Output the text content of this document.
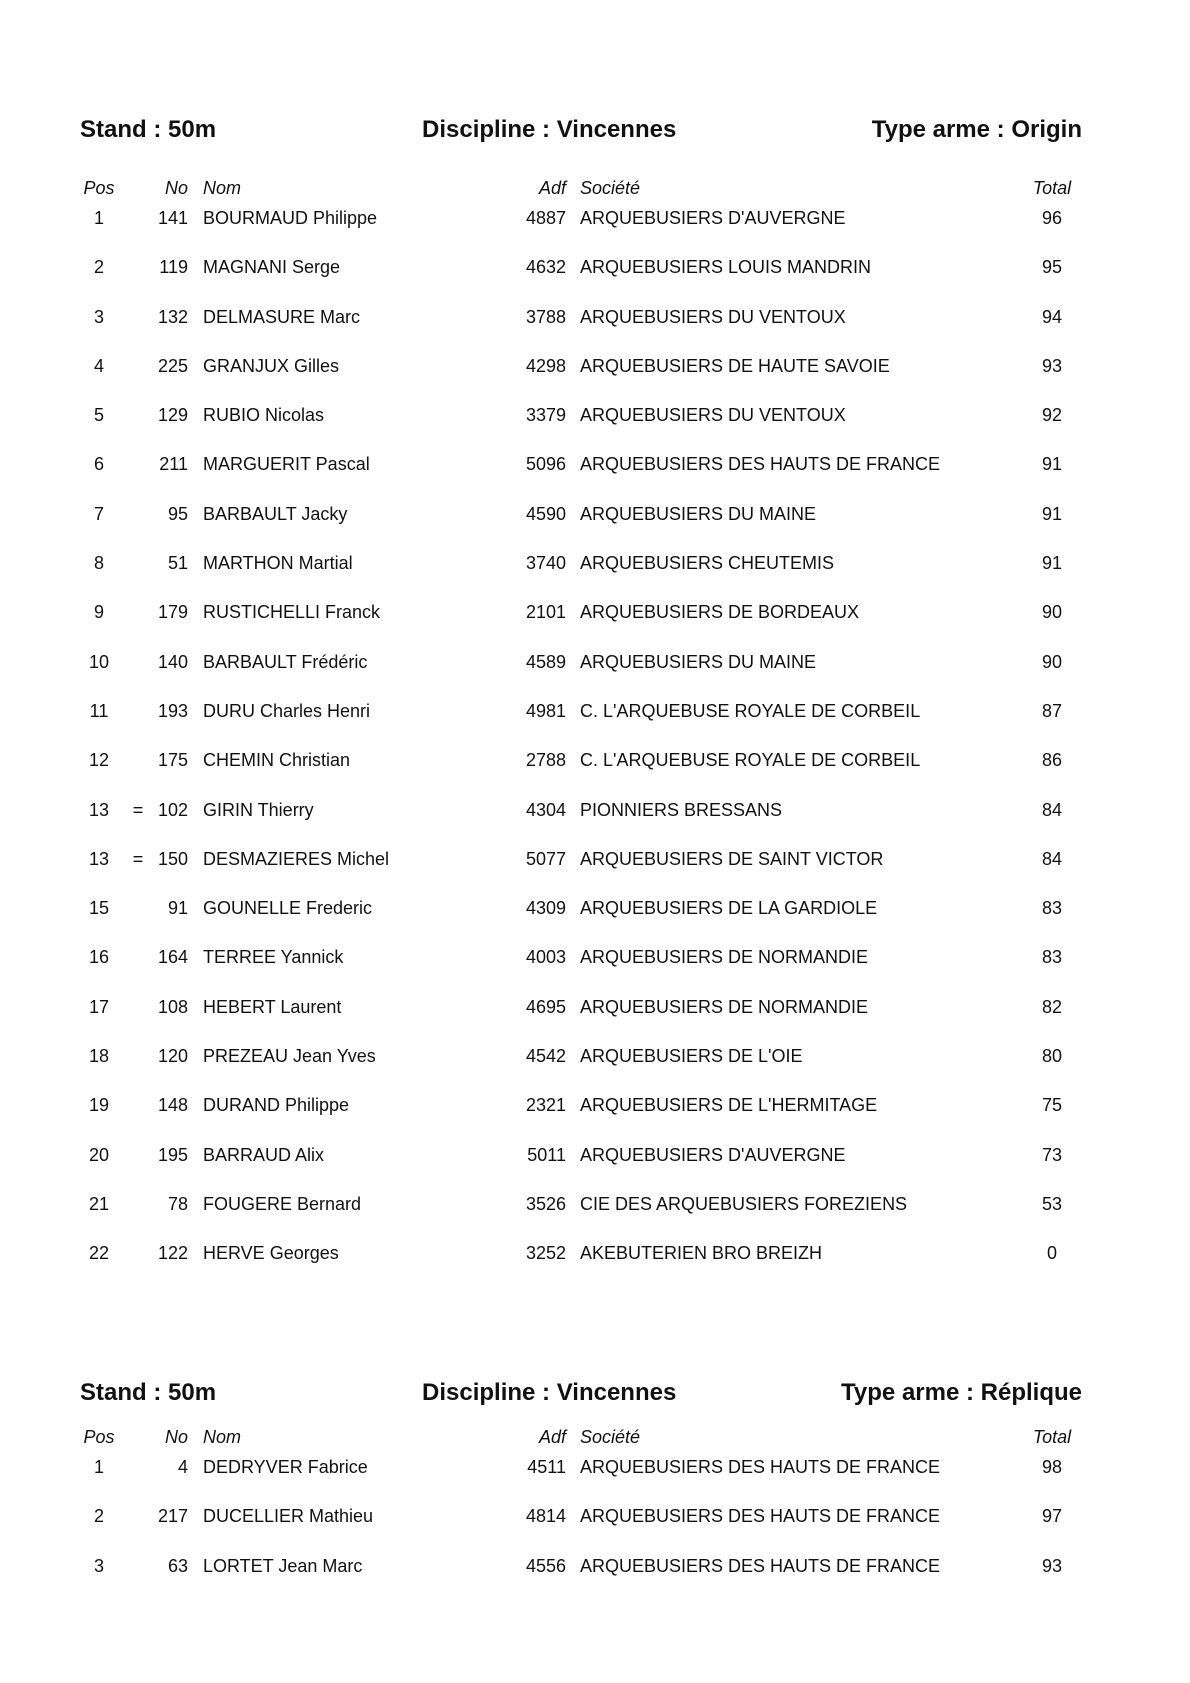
Stand : 50m	Discipline : Vincennes	Type arme : Origin
Pos	No Nom	Adf Société	Total
1	141 BOURMAUD Philippe	4887 ARQUEBUSIERS D'AUVERGNE	96
2	119 MAGNANI Serge	4632 ARQUEBUSIERS LOUIS MANDRIN	95
3	132 DELMASURE Marc	3788 ARQUEBUSIERS DU VENTOUX	94
4	225 GRANJUX Gilles	4298 ARQUEBUSIERS DE HAUTE SAVOIE	93
5	129 RUBIO Nicolas	3379 ARQUEBUSIERS DU VENTOUX	92
6	211 MARGUERIT Pascal	5096 ARQUEBUSIERS DES HAUTS DE FRANCE	91
7	95 BARBAULT Jacky	4590 ARQUEBUSIERS DU MAINE	91
8	51 MARTHON Martial	3740 ARQUEBUSIERS CHEUTEMIS	91
9	179 RUSTICHELLI Franck	2101 ARQUEBUSIERS DE BORDEAUX	90
10	140 BARBAULT Frédéric	4589 ARQUEBUSIERS DU MAINE	90
11	193 DURU Charles Henri	4981 C. L'ARQUEBUSE ROYALE DE CORBEIL	87
12	175 CHEMIN Christian	2788 C. L'ARQUEBUSE ROYALE DE CORBEIL	86
13	= 102 GIRIN Thierry	4304 PIONNIERS BRESSANS	84
13	= 150 DESMAZIERES Michel	5077 ARQUEBUSIERS DE SAINT VICTOR	84
15	91 GOUNELLE Frederic	4309 ARQUEBUSIERS DE LA GARDIOLE	83
16	164 TERREE Yannick	4003 ARQUEBUSIERS DE NORMANDIE	83
17	108 HEBERT Laurent	4695 ARQUEBUSIERS DE NORMANDIE	82
18	120 PREZEAU Jean Yves	4542 ARQUEBUSIERS DE L'OIE	80
19	148 DURAND Philippe	2321 ARQUEBUSIERS DE L'HERMITAGE	75
20	195 BARRAUD Alix	5011 ARQUEBUSIERS D'AUVERGNE	73
21	78 FOUGERE Bernard	3526 CIE DES ARQUEBUSIERS FOREZIENS	53
22	122 HERVE Georges	3252 AKEBUTERIEN BRO BREIZH	0
Stand : 50m	Discipline : Vincennes	Type arme : Réplique
Pos	No Nom	Adf Société	Total
1	4 DEDRYVER Fabrice	4511 ARQUEBUSIERS DES HAUTS DE FRANCE	98
2	217 DUCELLIER Mathieu	4814 ARQUEBUSIERS DES HAUTS DE FRANCE	97
3	63 LORTET Jean Marc	4556 ARQUEBUSIERS DES HAUTS DE FRANCE	93
